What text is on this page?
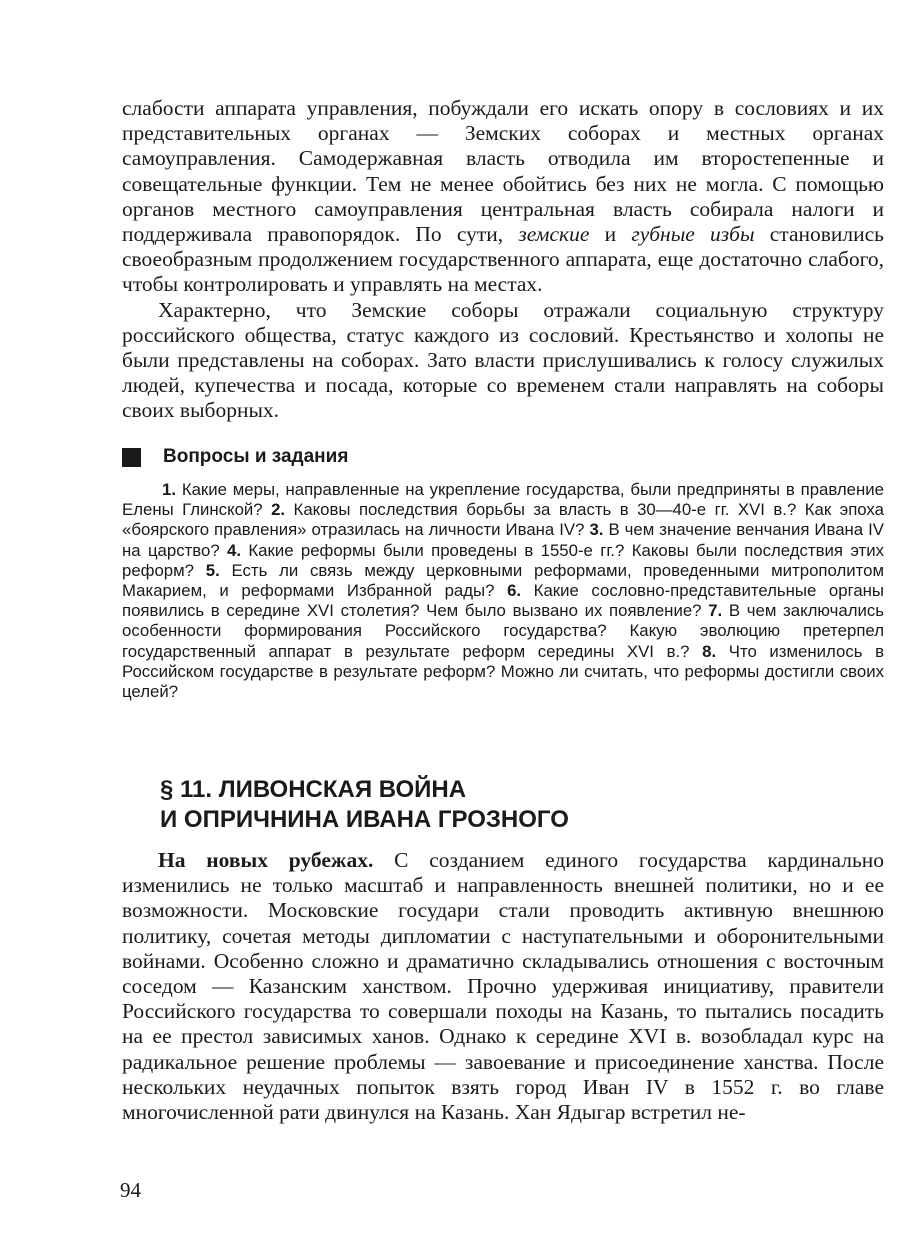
слабости аппарата управления, побуждали его искать опору в сословиях и их представительных органах — Земских соборах и местных органах самоуправления. Самодержавная власть отводила им второстепенные и совещательные функции. Тем не менее обойтись без них не могла. С помощью органов местного самоуправления центральная власть собирала налоги и поддерживала правопорядок. По сути, земские и губные избы становились своеобразным продолжением государственного аппарата, еще достаточно слабого, чтобы контролировать и управлять на местах.

Характерно, что Земские соборы отражали социальную структуру российского общества, статус каждого из сословий. Крестьянство и холопы не были представлены на соборах. Зато власти прислушивались к голосу служилых людей, купечества и посада, которые со временем стали направлять на соборы своих выборных.

Вопросы и задания

1. Какие меры, направленные на укрепление государства, были предприняты в правление Елены Глинской? 2. Каковы последствия борьбы за власть в 30—40-е гг. XVI в.? Как эпоха «боярского правления» отразилась на личности Ивана IV? 3. В чем значение венчания Ивана IV на царство? 4. Какие реформы были проведены в 1550-е гг.? Каковы были последствия этих реформ? 5. Есть ли связь между церковными реформами, проведенными митрополитом Макарием, и реформами Избранной рады? 6. Какие сословно-представительные органы появились в середине XVI столетия? Чем было вызвано их появление? 7. В чем заключались особенности формирования Российского государства? Какую эволюцию претерпел государственный аппарат в результате реформ середины XVI в.? 8. Что изменилось в Российском государстве в результате реформ? Можно ли считать, что реформы достигли своих целей?

§ 11. ЛИВОНСКАЯ ВОЙНА
И ОПРИЧНИНА ИВАНА ГРОЗНОГО

На новых рубежах. С созданием единого государства кардинально изменились не только масштаб и направленность внешней политики, но и ее возможности. Московские государи стали проводить активную внешнюю политику, сочетая методы дипломатии с наступательными и оборонительными войнами. Особенно сложно и драматично складывались отношения с восточным соседом — Казанским ханством. Прочно удерживая инициативу, правители Российского государства то совершали походы на Казань, то пытались посадить на ее престол зависимых ханов. Однако к середине XVI в. возобладал курс на радикальное решение проблемы — завоевание и присоединение ханства. После нескольких неудачных попыток взять город Иван IV в 1552 г. во главе многочисленной рати двинулся на Казань. Хан Ядыгар встретил не-

94
